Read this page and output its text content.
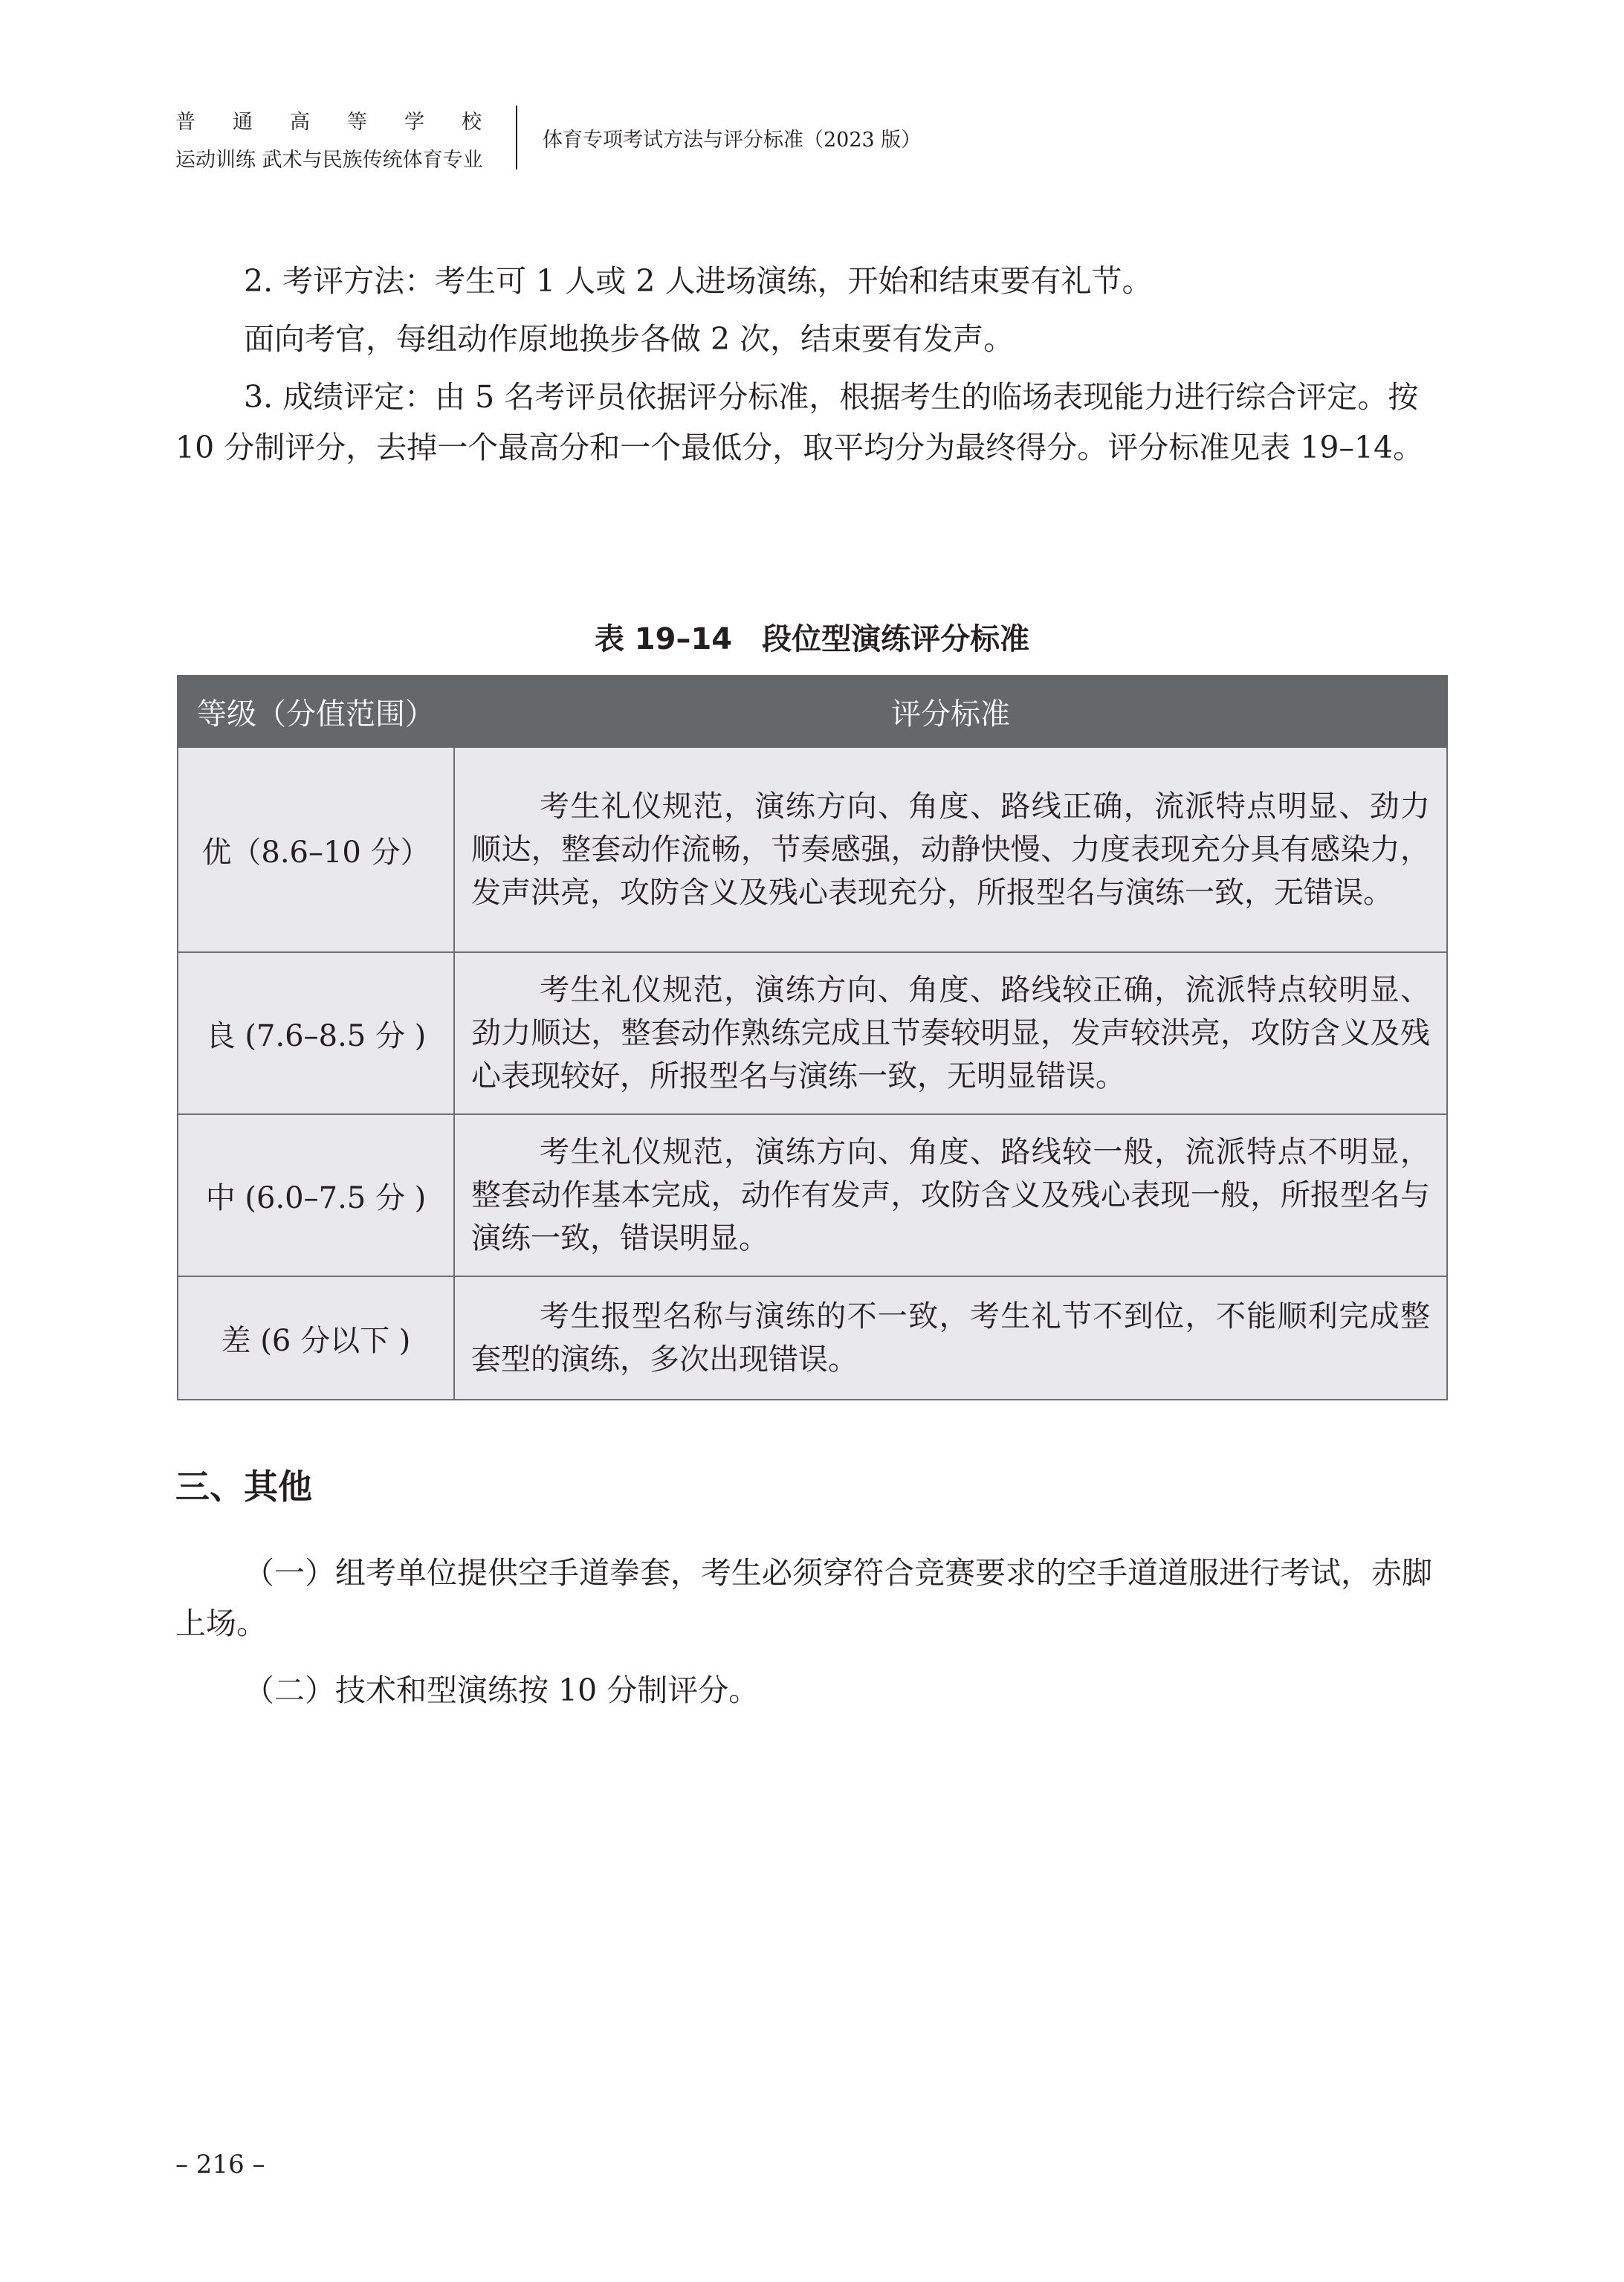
普 通 高 等 学 校
运动训练 武术与民族传统体育专业
体育专项考试方法与评分标准（2023 版）
2. 考评方法：考生可 1 人或 2 人进场演练，开始和结束要有礼节。
面向考官，每组动作原地换步各做 2 次，结束要有发声。
3. 成绩评定：由 5 名考评员依据评分标准，根据考生的临场表现能力进行综合评定。按 10 分制评分，去掉一个最高分和一个最低分，取平均分为最终得分。评分标准见表 19–14。
表 19–14　段位型演练评分标准
等级（分值范围）	评分标准
优（8.6–10 分）	考生礼仪规范，演练方向、角度、路线正确，流派特点明显、劲力顺达，整套动作流畅，节奏感强，动静快慢、力度表现充分具有感染力，发声洪亮，攻防含义及残心表现充分，所报型名与演练一致，无错误。
良 (7.6–8.5 分 )	考生礼仪规范，演练方向、角度、路线较正确，流派特点较明显、劲力顺达，整套动作熟练完成且节奏较明显，发声较洪亮，攻防含义及残心表现较好，所报型名与演练一致，无明显错误。
中 (6.0–7.5 分 )	考生礼仪规范，演练方向、角度、路线较一般，流派特点不明显，整套动作基本完成，动作有发声，攻防含义及残心表现一般，所报型名与演练一致，错误明显。
差 (6 分以下 )	考生报型名称与演练的不一致，考生礼节不到位，不能顺利完成整套型的演练，多次出现错误。
三、其他
（一）组考单位提供空手道拳套，考生必须穿符合竞赛要求的空手道道服进行考试，赤脚上场。
（二）技术和型演练按 10 分制评分。
– 216 –
